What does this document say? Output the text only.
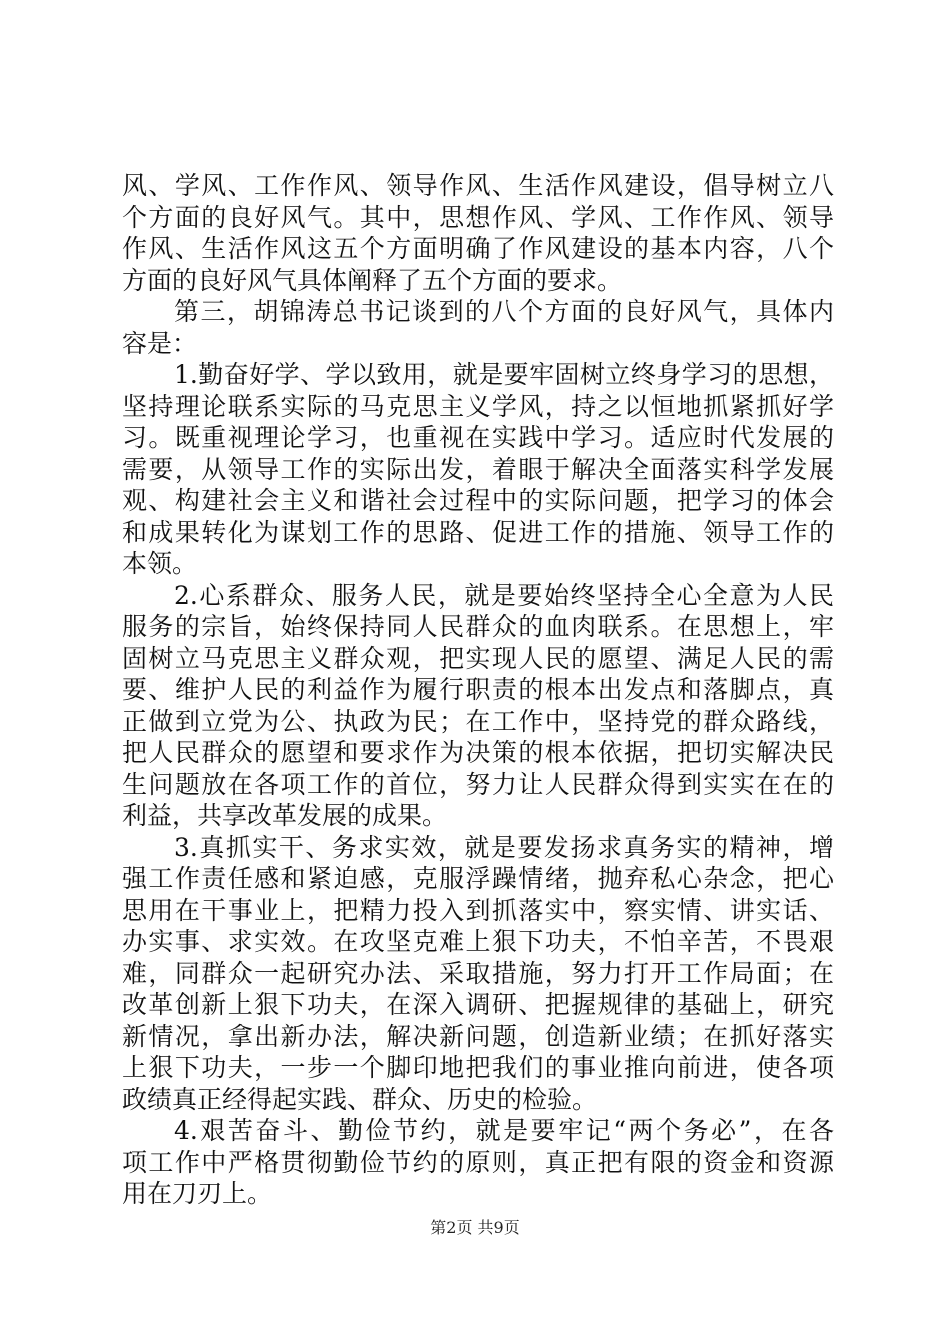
风、学风、工作作风、领导作风、生活作风建设，倡导树立八
个方面的良好风气。其中，思想作风、学风、工作作风、领导
作风、生活作风这五个方面明确了作风建设的基本内容，八个
方面的良好风气具体阐释了五个方面的要求。
第三，胡锦涛总书记谈到的八个方面的良好风气，具体内
容是：
1.勤奋好学、学以致用，就是要牢固树立终身学习的思想，
坚持理论联系实际的马克思主义学风，持之以恒地抓紧抓好学
习。既重视理论学习，也重视在实践中学习。适应时代发展的
需要，从领导工作的实际出发，着眼于解决全面落实科学发展
观、构建社会主义和谐社会过程中的实际问题，把学习的体会
和成果转化为谋划工作的思路、促进工作的措施、领导工作的
本领。
2.心系群众、服务人民，就是要始终坚持全心全意为人民
服务的宗旨，始终保持同人民群众的血肉联系。在思想上，牢
固树立马克思主义群众观，把实现人民的愿望、满足人民的需
要、维护人民的利益作为履行职责的根本出发点和落脚点，真
正做到立党为公、执政为民；在工作中，坚持党的群众路线，
把人民群众的愿望和要求作为决策的根本依据，把切实解决民
生问题放在各项工作的首位，努力让人民群众得到实实在在的
利益，共享改革发展的成果。
3.真抓实干、务求实效，就是要发扬求真务实的精神，增
强工作责任感和紧迫感，克服浮躁情绪，抛弃私心杂念，把心
思用在干事业上，把精力投入到抓落实中，察实情、讲实话、
办实事、求实效。在攻坚克难上狠下功夫，不怕辛苦，不畏艰
难，同群众一起研究办法、采取措施，努力打开工作局面；在
改革创新上狠下功夫，在深入调研、把握规律的基础上，研究
新情况，拿出新办法，解决新问题，创造新业绩；在抓好落实
上狠下功夫，一步一个脚印地把我们的事业推向前进，使各项
政绩真正经得起实践、群众、历史的检验。
4.艰苦奋斗、勤俭节约，就是要牢记“两个务必”，在各
项工作中严格贯彻勤俭节约的原则，真正把有限的资金和资源
用在刀刃上。
第2页 共9页
